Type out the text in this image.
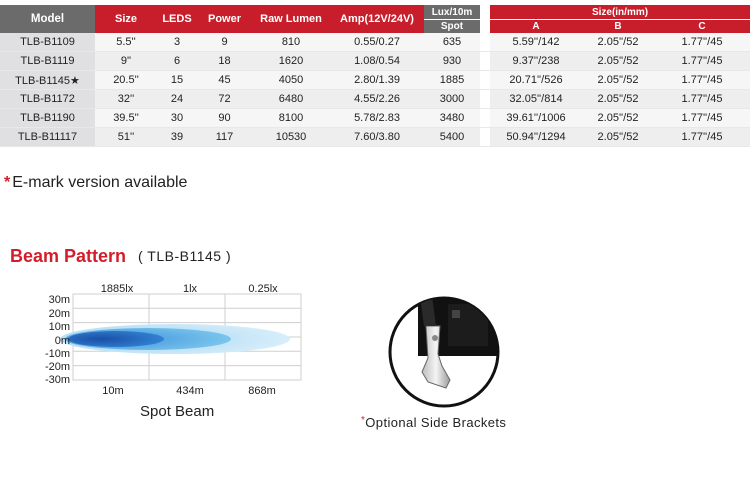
Model	Size	LEDS	Power	Raw Lumen	Amp(12V/24V)	Lux/10m		Size(in/mm)		
						Spot		A	B	C
TLB-B1109	5.5''	3	9	810	0.55/0.27	635		5.59''/142	2.05''/52	1.77''/45
TLB-B1119	9''	6	18	1620	1.08/0.54	930		9.37''/238	2.05''/52	1.77''/45
TLB-B1145★	20.5''	15	45	4050	2.80/1.39	1885		20.71''/526	2.05''/52	1.77''/45
TLB-B1172	32''	24	72	6480	4.55/2.26	3000		32.05''/814	2.05''/52	1.77''/45
TLB-B1190	39.5''	30	90	8100	5.78/2.83	3480		39.61''/1006	2.05''/52	1.77''/45
TLB-B11117	51''	39	117	10530	7.60/3.80	5400		50.94''/1294	2.05''/52	1.77''/45
* E-mark version available
Beam Pattern ( TLB-B1145 )
1885lx	1lx	0.25lx
30m
20m
10m
0m
-10m
-20m
-30m
10m	434m	868m
Spot Beam
*Optional Side Brackets
